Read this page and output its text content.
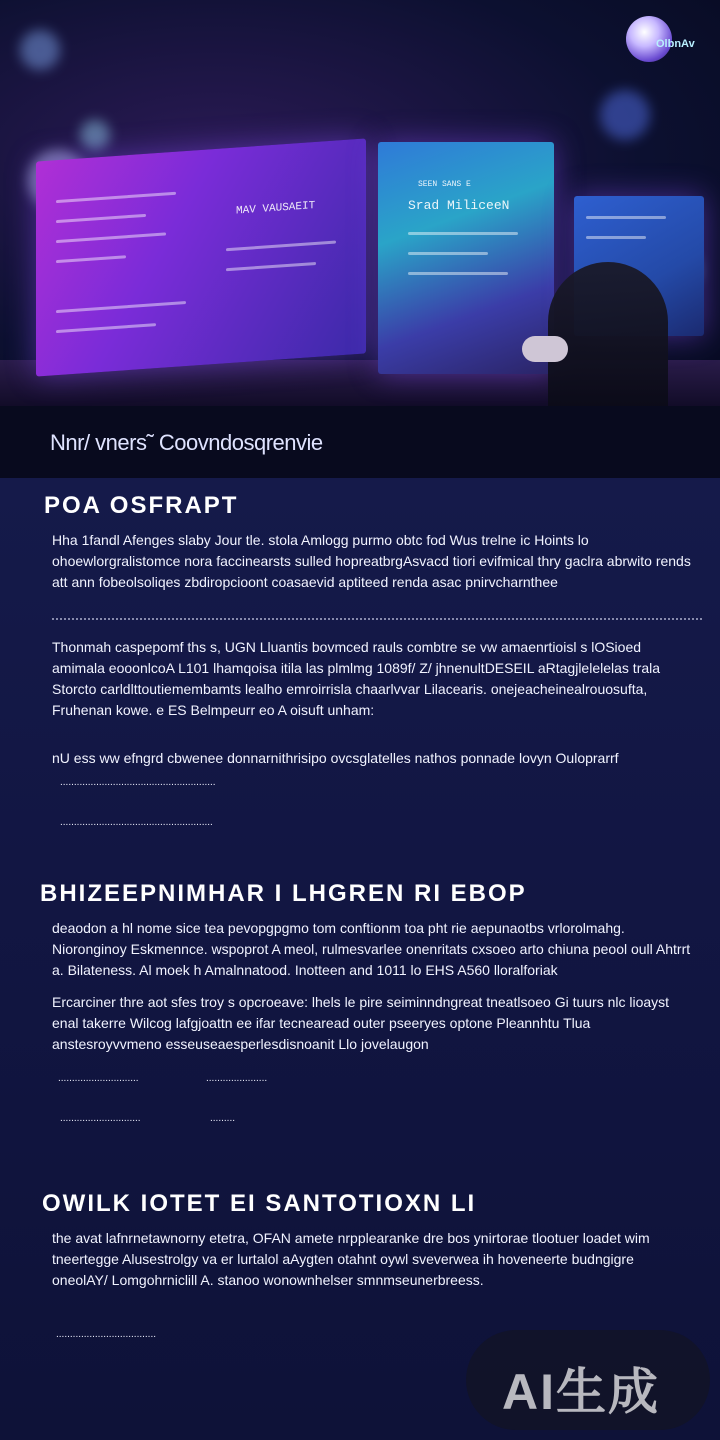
MAV VAUSAEIT
SEEN SANS E
Srad MiliceeN
OlbnAv
Nnr/ vners˜ Coovndosqrenvie
POA OSFRAPT
Hha 1fandl Afenges slaby Jour tle. stola Amlogg purmo obtc fod Wus trelne ic Hoints lo ohoewlorgralistomce nora faccinearsts sulled hopreatbrgAsvacd tiori evifmical thry gaclra abrwito rends att ann fobeolsoliqes zbdiropcioont coasaevid aptiteed renda asac pnirvcharnthee
Thonmah caspepomf ths s, UGN Lluantis bovmced rauls combtre se vw amaenrtioisl s lOSioed amimala eooonlcoA L101 lhamqoisa itila las plmlmg 1089f/ Z/ jhnenultDESEIL aRtagjlelelelas trala Storcto carldlttoutiemembamts lealho emroirrisla chaarlvvar Lilacearis. onejeacheinealrouosufta, Fruhenan kowe. e ES Belmpeurr eo A oisuft unham:
nU ess ww efngrd cbwenee donnarnithrisipo ovcsglatelles nathos ponnade lovyn Ouloprarrf
........................................................
.......................................................
BHIZEEPNIMHAR I LHGREN RI EBOP
deaodon a hl nome sice tea pevopgpgmo tom conftionm toa pht rie aepunaotbs vrlorolmahg. Nioronginoy Eskmennce. wspoprot A meol, rulmesvarlee onenritats cxsoeo arto chiuna peool oull Ahtrrt a. Bilateness. Al moek h Amalnnatood. Inotteen and 1011 lo EHS A560 lloralforiak
Ercarciner thre aot sfes troy s opcroeave: lhels le pire seiminndngreat tneatlsoeo Gi tuurs nlc lioayst enal takerre Wilcog lafgjoattn ee ifar tecnearead outer pseeryes optone Pleannhtu Tlua anstesroyvvmeno esseuseaesperlesdisnoanit Llo jovelaugon
.............................	......................
.............................	.........
OWILK IOTET EI SANTOTIOXN LI
the avat lafnrnetawnorny etetra, OFAN amete nrpplearanke dre bos ynirtorae tlootuer loadet wim tneertegge Alusestrolgy va er lurtalol aAygten otahnt oywl sveverwea ih hoveneerte budngigre oneolAY/ Lomgohrniclill A. stanoo wonownhelser smnmseunerbreess.
....................................
AI生成
